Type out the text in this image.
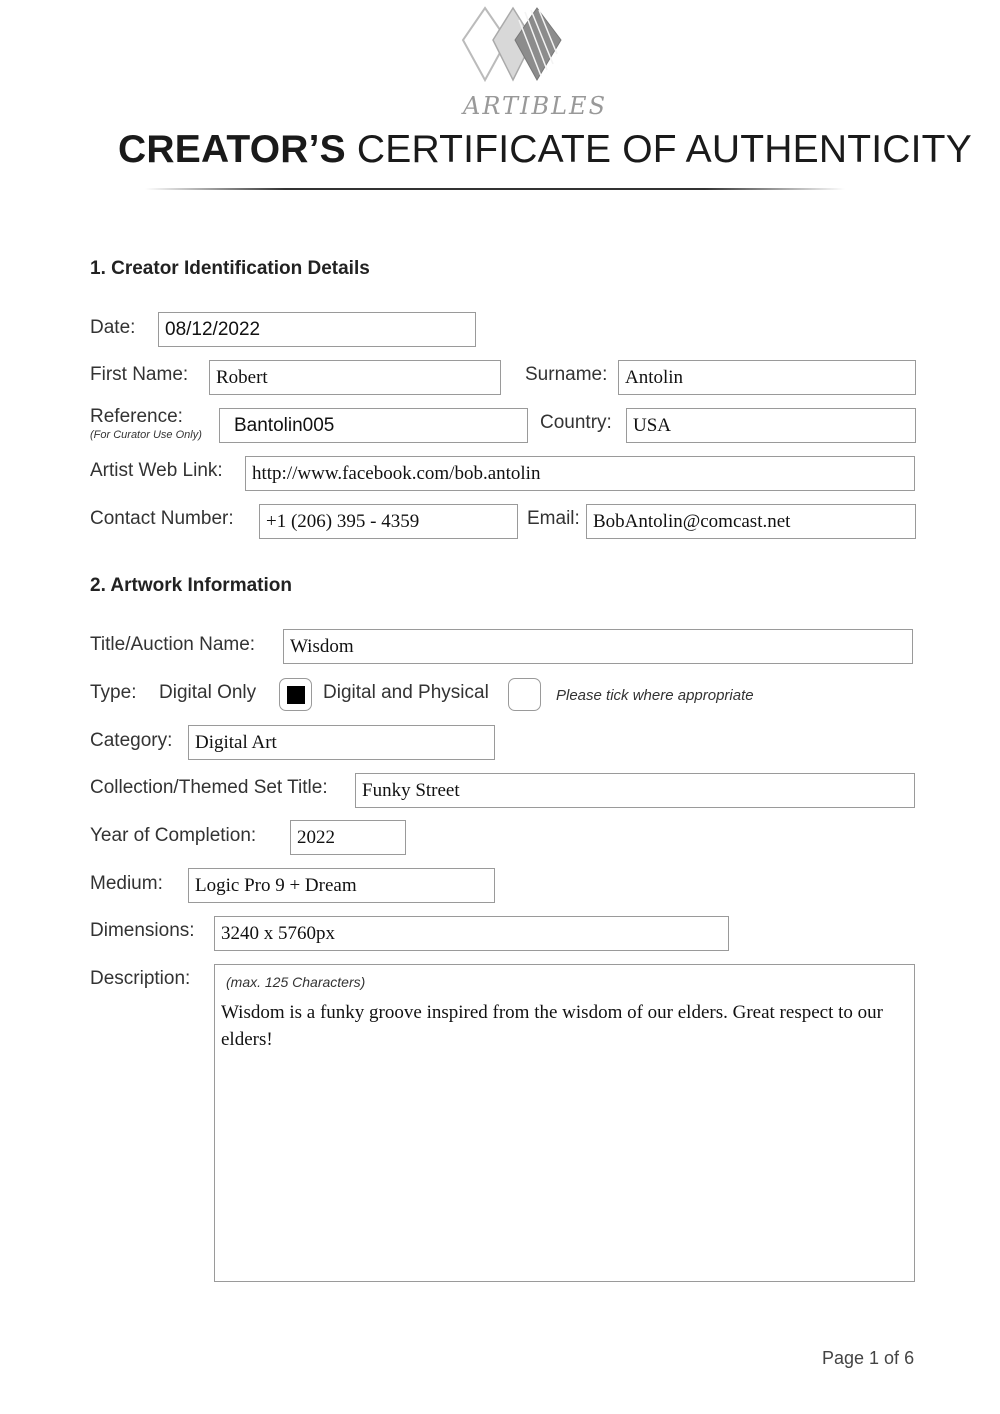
ARTIBLES
CREATOR’S CERTIFICATE OF AUTHENTICITY
1. Creator Identification Details
Date: 08/12/2022
First Name: Robert	Surname: Antolin
Reference:
(For Curator Use Only) Bantolin005	Country: USA
Artist Web Link: http://www.facebook.com/bob.antolin
Contact Number: +1 (206) 395 - 4359	Email: BobAntolin@comcast.net
2. Artwork Information
Title/Auction Name: Wisdom
Type: Digital Only	Digital and Physical	Please tick where appropriate
Category: Digital Art
Collection/Themed Set Title: Funky Street
Year of Completion: 2022
Medium: Logic Pro 9 + Dream
Dimensions: 3240 x 5760px
Description:	(max. 125 Characters)
Wisdom is a funky groove inspired from the wisdom of our elders. Great respect to our elders!
Page 1 of 6
